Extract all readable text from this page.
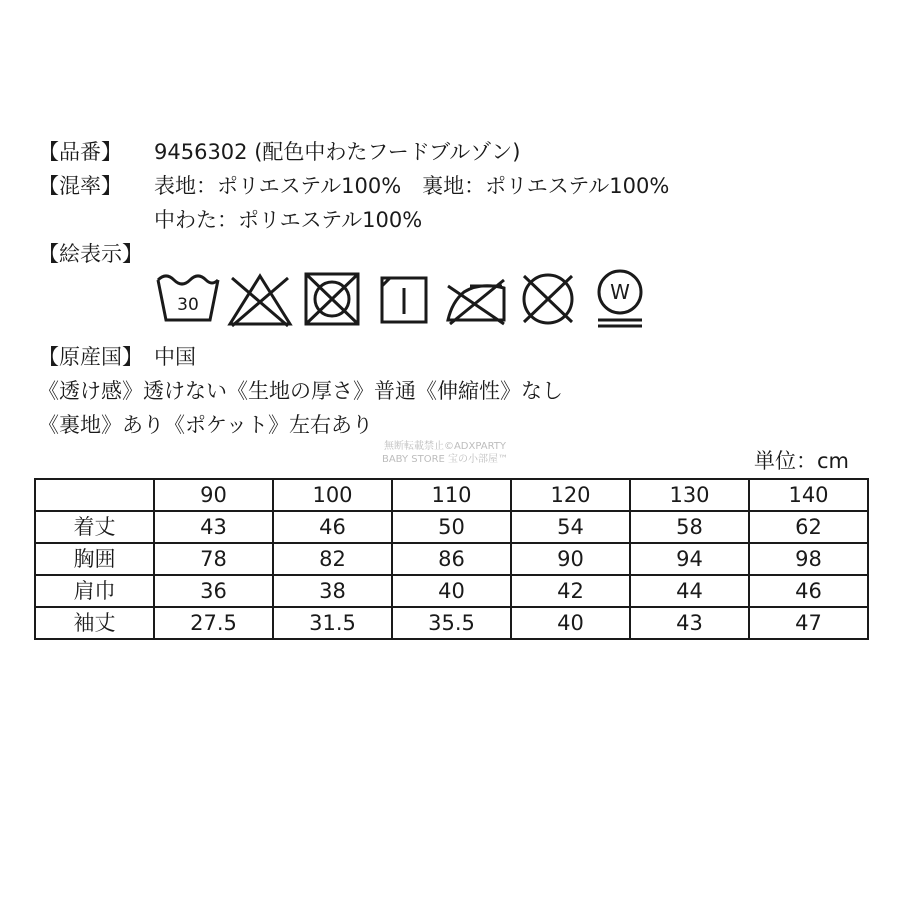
【品番】 9456302 (配色中わたフードブルゾン)
【混率】 表地：ポリエステル100%　裏地：ポリエステル100%
中わた：ポリエステル100%
【絵表示】
30
W
【原産国】 中国
《透け感》透けない《生地の厚さ》普通《伸縮性》なし
《裏地》あり《ポケット》左右あり
無断転載禁止©ADXPARTY
BABY STORE 宝の小部屋™	単位：cm
	90	100	110	120	130	140
着丈	43	46	50	54	58	62
胸囲	78	82	86	90	94	98
肩巾	36	38	40	42	44	46
袖丈	27.5	31.5	35.5	40	43	47
